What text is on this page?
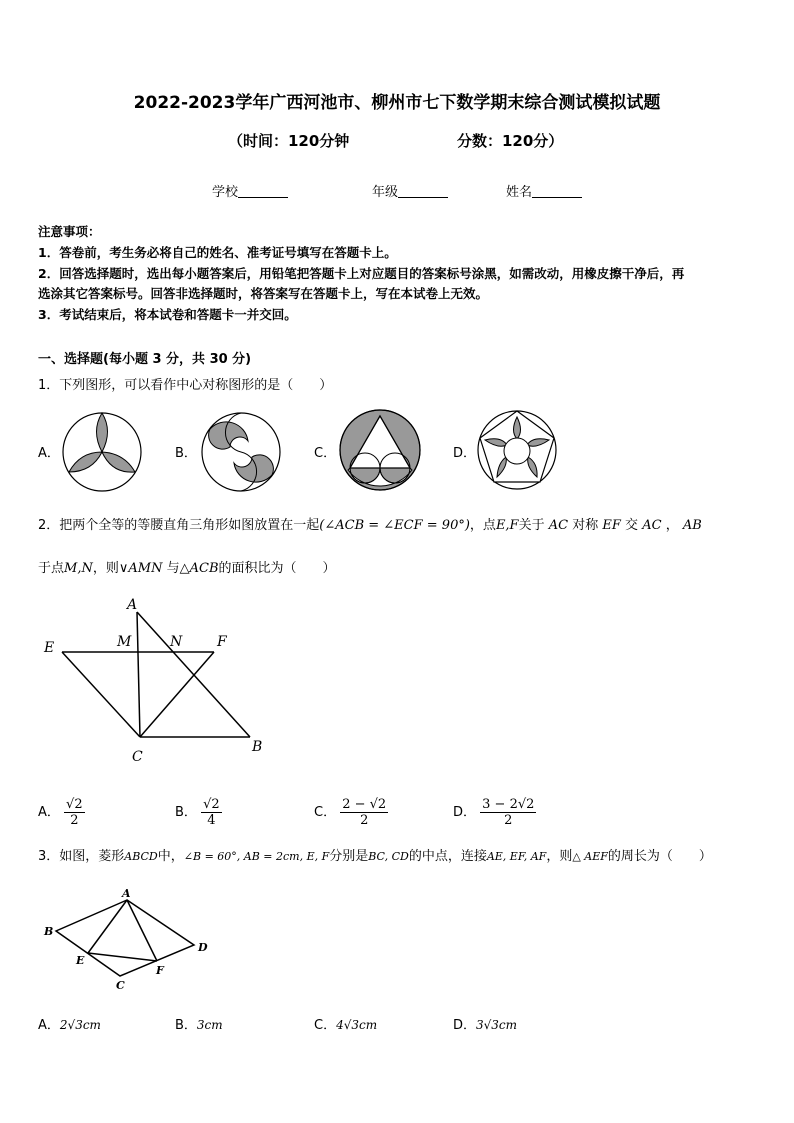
2022-2023学年广西河池市、柳州市七下数学期末综合测试模拟试题
（时间：120分钟	分数：120分）
学校	年级	姓名
注意事项：
1．答卷前，考生务必将自己的姓名、准考证号填写在答题卡上。
2．回答选择题时，选出每小题答案后，用铅笔把答题卡上对应题目的答案标号涂黑，如需改动，用橡皮擦干净后，再
选涂其它答案标号。回答非选择题时，将答案写在答题卡上，写在本试卷上无效。
3．考试结束后，将本试卷和答题卡一并交回。
一、选择题(每小题 3 分，共 30 分)
1．下列图形，可以看作中心对称图形的是（　　）
A．	B．	C．	D．
2．把两个全等的等腰直角三角形如图放置在一起(∠ACB = ∠ECF = 90°)，点E,F关于 AC 对称 EF 交 AC ， AB
于点M,N，则∨AMN 与△ACB的面积比为（　　）
A
E	M	N F
C
B
A． $\frac{√2}{2}$	B． $\frac{√2}{4}$	C． $\frac{2 - √2}{2}$	D． $\frac{3 - 2√2}{2}$
3．如图，菱形ABCD中，∠B = 60°, AB = 2cm, E, F分别是BC, CD的中点，连接AE, EF, AF，则△ AEF的周长为（　　）
A
B
C
D
E
F
A．2√3cm	B．3cm	C．4√3cm	D．3√3cm
